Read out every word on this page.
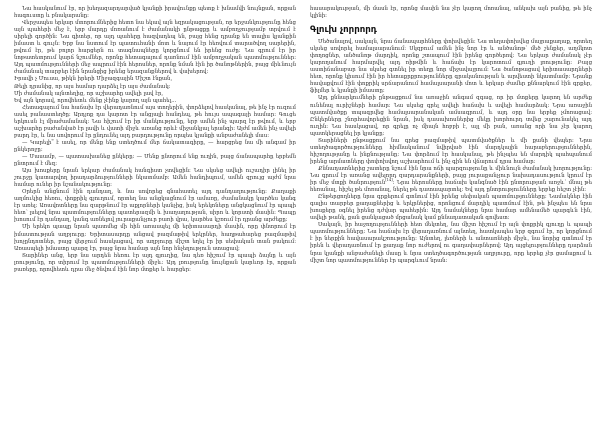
Նա հասկանում էր, որ խեղազարդարված կյանքի իրավունքը պետք է խնամվի նույնքան, որքան հագուստը և բնակարանը:

Վերջապես երկար մտորումներից հետո նա եկավ այն եզրակացության, որ երջանկությունը հենց այն պահերի մեջ է, երբ մարդը մոռանում է ժամանակի ընթացքը և ամբողջությամբ տրվում է սիրելի գործին: Նա գիտեր, որ այդ պահերը հազվադեպ են, բայց հենց դրանք են տալիս կյանքին իմաստ և գույն: Երբ նա նստում էր պատուհանի մոտ և նայում էր հեռվում տարածվող սարերին, թվում էր, թե բոլոր հարցերն ու տագնապները կորցնում են իրենց ուժը: Նա գրում էր իր նոթատետրում կարճ նշումներ, որոնք հետագայում դառնում էին ամբողջական պատմություններ: Այդ պատմությունների մեջ ապրում էին հերոսներ, որոնք նման էին իր ծանոթներին, բայց միևնույն ժամանակ տարբեր էին նրանցից իրենց երազանքներով և վախերով:

Իրավի չ Մուսա, թիկն իրերի Միջազգային Միշտ էնքան,

Թելի դրանից, որ այս համար դարձել էր այս ժամանակ:

Մի ժամանակ այնտեղից, որ աշխարհը ավելի լավ էր,

Եվ այն կորավ, որովհետև մենք չէինք կարող այն պահել...

Հետագայում նա հաճախ էր վերադառնում այս տողերին, փորձելով հասկանալ, թե ինչ էր ուզում ասել բանաստեղծը: Արդյոք դա կարոտ էր անցյալի հանդեպ, թե հույս ապագայի համար: Գուցե երկուսն էլ միաժամանակ: Նա հիշում էր իր մանկությունը, երբ ամեն ինչ պարզ էր թվում, և երբ աշխարհը բաժանված էր լավի և վատի միջև առանց որևէ միջանկյալ երանգի: Այժմ ամեն ինչ ավելի բարդ էր, և նա սովորում էր ընդունել այդ բարդությունը որպես կյանքի անբաժանելի մաս:

— Կարելի՞ է ասել, որ մենք ենք ստեղծում մեր ճակատագիրը, — հարցրեց նա մի անգամ իր ընկերոջը:

— Մասամբ, — պատասխանեց ընկերը: — Մենք ընտրում ենք ուղին, բայց ճանապարհը երբեմն ընտրում է մեզ:

Այս խոսքերը նրան երկար ժամանակ հանգիստ չտվեցին: Նա սկսեց ավելի ուշադիր լինել իր շուրջը կատարվող իրադարձությունների նկատմամբ: Ամեն հանդիպում, ամեն զրույց այժմ նրա համար ուներ իր նշանակությունը:

Օրերն անցնում էին դանդաղ, և նա սովորեց գնահատել այդ դանդաղությունը: Քաղաքի աղմուկից հեռու, փոքրիկ գյուղում, որտեղ նա անցկացնում էր ամառը, ժամանակը կարծես կանգ էր առել: Առավոտները նա զարթնում էր աքլորների կանչից, իսկ երեկոները անցկացնում էր պապի հետ՝ լսելով նրա պատմությունները պատերազմի և խաղաղության, սիրո և կորստի մասին: Պապը խոսում էր դանդաղ, կանգ առնելով յուրաքանչյուր բառի վրա, կարծես կշռում էր դրանց արժեքը:

Մի երեկո պապը նրան պատմեց մի հին առասպել մի երիտասարդի մասին, որը փնտրում էր իմաստության աղբյուրը: Երիտասարդը անցավ բազմաթիվ երկրներ, հաղթահարեց բազմաթիվ խոչընդոտներ, բայց վերջում հասկացավ, որ աղբյուրը միշտ եղել էր իր սեփական տան բակում: Առասպելի իմաստը պարզ էր, բայց նրա համար այն նոր հնչեղություն ստացավ:

Տարիներ անց, երբ նա արդեն հեռու էր այդ գյուղից, նա դեռ հիշում էր պապի ձայնը և այն լռությունը, որ տիրում էր պատմությունների միջև: Այդ լռությունը նույնքան կարևոր էր, որքան բառերը, որովհետև դրա մեջ ծնվում էին նոր մտքեր և հարցեր:

հասարակության, մի մասն էր, որոնց մասին նա չէր կարող մոռանալ, անկախ այն բանից, թե ինչ կլինի:

Գլուխ չորրորդ

Մեծանալով, սակայն, նրա ճանապարհները փոխվեցին: Նա տեղափոխվեց մայրաքաղաք, որտեղ սկսեց սովորել համալսարանում: Սկզբում ամեն ինչ նոր էր և անծանոթ՝ մեծ շենքեր, աղմկոտ փողոցներ, անծանոթ մարդիկ, որոնք շտապում էին իրենց գործերով: Նա երկար ժամանակ չէր կարողանում հարմարվել այդ ռիթմին և հաճախ էր կարոտում գյուղի լռությունը: Բայց աստիճանաբար նա սկսեց գտնել իր տեղը նոր միջավայրում: Նա ծանոթացավ երիտասարդների հետ, որոնք կիսում էին իր հետաքրքրությունները գրականության և արվեստի նկատմամբ: Նրանք հավաքվում էին փոքրիկ սրճարանում համալսարանի մոտ և երկար ժամեր քննարկում էին գրքեր, ֆիլմեր և կյանքի իմաստը:

Այդ քննարկումների ընթացքում նա առաջին անգամ զգաց, որ իր մտքերը կարող են արժեք ունենալ ուրիշների համար: Նա սկսեց գրել ավելի հաճախ և ավելի համարձակ: Նրա առաջին պատմվածքը տպագրվեց համալսարանական ամսագրում, և այդ օրը նա երբեք չմոռացավ: Ընկերները շնորհավորեցին նրան, իսկ դասախոսներից մեկը խորհուրդ տվեց շարունակել այդ ուղին: Նա հասկացավ, որ գրելը ոչ միայն հոբբի է, այլ մի բան, առանց որի նա չէր կարող պատկերացնել իր կյանքը:

Տարիների ընթացքում նա գրեց բազմաթիվ պատմվածքներ և մի քանի վեպեր: Նրա ստեղծագործությունները հիմնականում նվիրված էին մարդկային հարաբերություններին, հիշողությանը և ինքնությանը: Նա փորձում էր հասկանալ, թե ինչպես են մարդիկ պահպանում իրենց արմատները փոփոխվող աշխարհում և ինչ գին են վճարում դրա համար:

Քննադատներից շատերը նշում էին նրա ոճի պարզությունը և միևնույն ժամանակ խորությունը: Նա գրում էր առանց ավելորդ զարդարանքների, բայց յուրաքանչյուր նախադասություն կրում էր իր մեջ մտքի ծանրություն[14]: Նրա հերոսները հաճախ կանգնած էին ընտրության առջև՝ մնալ թե հեռանալ, հիշել թե մոռանալ, ներել թե դատապարտել: Եվ այդ ընտրությունները երբեք հեշտ չէին:

Ընթերցողները նրա գրքերում գտնում էին իրենց սեփական պատմությունները: Նամակներ էին գալիս տարբեր քաղաքներից և երկրներից, որոնցում մարդիկ պատմում էին, թե ինչպես են նրա խոսքերը օգնել իրենց դժվար պահերին: Այդ նամակները նրա համար ամենամեծ պարգևն էին, ավելի թանկ, քան ցանկացած մրցանակ կամ քննադատական գովեստ:

Սակայն, իր հաջողությունների հետ մեկտեղ, նա միշտ հիշում էր այն փոքրիկ գյուղը և պապի պատմությունները: Նա հաճախ էր վերադառնում այնտեղ, հատկապես երբ զգում էր, որ կորցնում է իր ներքին հավասարակշռությունը: Այնտեղ, լեռների և անտառների միջև, նա նորից գտնում էր իրեն և վերադառնում էր քաղաք նոր ուժերով ու գաղափարներով: Այդ այցելությունները դարձան նրա կյանքի անբաժանելի մասը և նրա ստեղծագործության աղբյուրը, որը երբեք չէր ցամաքում և միշտ նոր պատմություններ էր պարգևում նրան:
